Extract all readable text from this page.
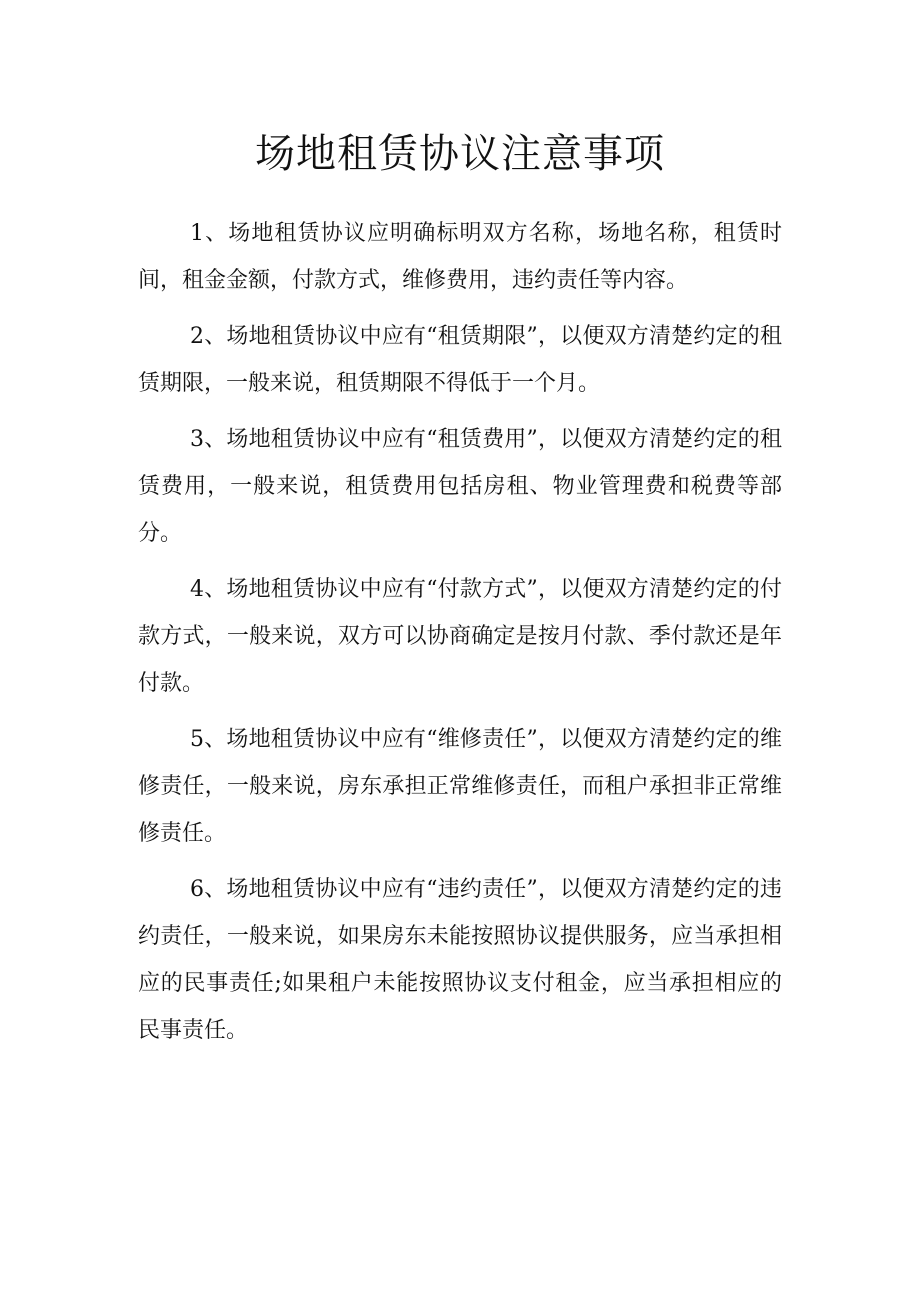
场地租赁协议注意事项

1、场地租赁协议应明确标明双方名称，场地名称，租赁时间，租金金额，付款方式，维修费用，违约责任等内容。

2、场地租赁协议中应有“租赁期限”，以便双方清楚约定的租赁期限，一般来说，租赁期限不得低于一个月。

3、场地租赁协议中应有“租赁费用”，以便双方清楚约定的租赁费用，一般来说，租赁费用包括房租、物业管理费和税费等部分。

4、场地租赁协议中应有“付款方式”，以便双方清楚约定的付款方式，一般来说，双方可以协商确定是按月付款、季付款还是年付款。

5、场地租赁协议中应有“维修责任”，以便双方清楚约定的维修责任，一般来说，房东承担正常维修责任，而租户承担非正常维修责任。

6、场地租赁协议中应有“违约责任”，以便双方清楚约定的违约责任，一般来说，如果房东未能按照协议提供服务，应当承担相应的民事责任;如果租户未能按照协议支付租金，应当承担相应的民事责任。
